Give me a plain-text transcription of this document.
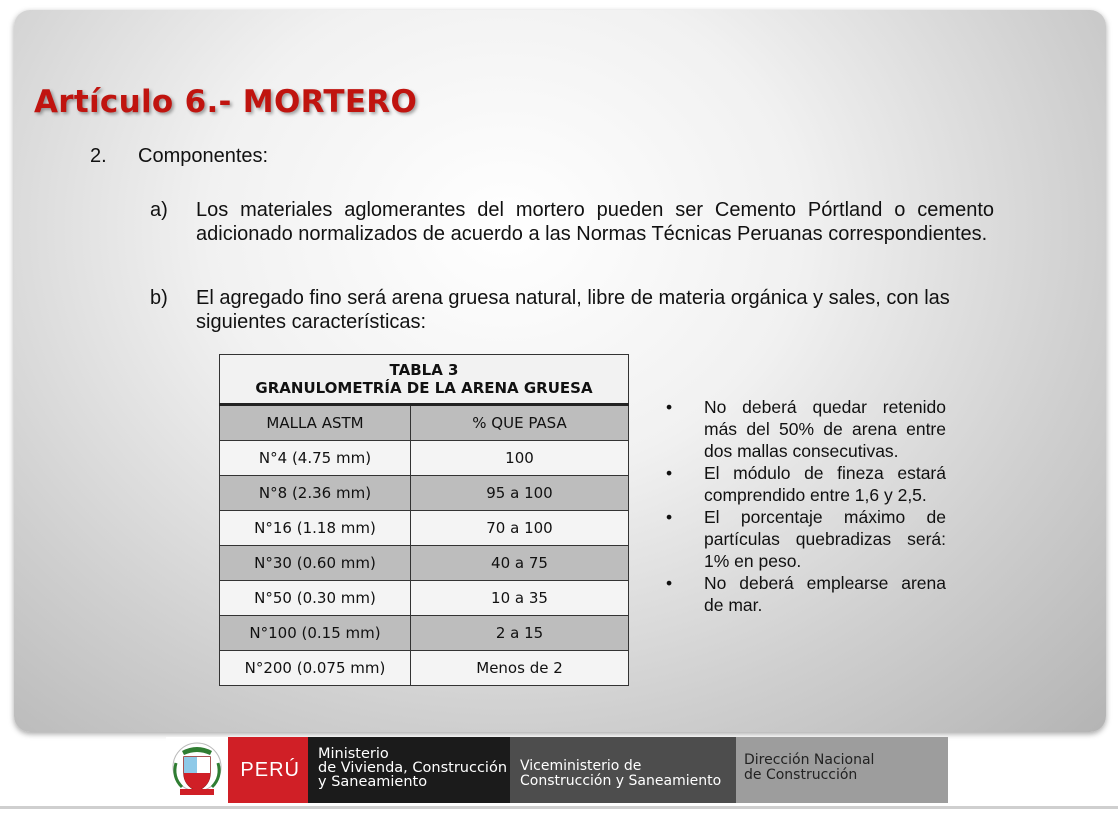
Artículo 6.- MORTERO
2. Componentes:
a) Los materiales aglomerantes del mortero pueden ser Cemento Pórtland o cemento adicionado normalizados de acuerdo a las Normas Técnicas Peruanas correspondientes.
b) El agregado fino será arena gruesa natural, libre de materia orgánica y sales, con las siguientes características:
TABLA 3
GRANULOMETRÍA DE LA ARENA GRUESA	
MALLA ASTM	% QUE PASA
N°4 (4.75 mm)	100
N°8 (2.36 mm)	95 a 100
N°16 (1.18 mm)	70 a 100
N°30 (0.60 mm)	40 a 75
N°50 (0.30 mm)	10 a 35
N°100 (0.15 mm)	2 a 15
N°200 (0.075 mm)	Menos de 2
• No deberá quedar retenido más del 50% de arena entre dos mallas consecutivas.
• El módulo de fineza estará comprendido entre 1,6 y 2,5.
• El porcentaje máximo de partículas quebradizas será: 1% en peso.
• No deberá emplearse arena de mar.
PERÚ
Ministerio
de Vivienda, Construcción
y Saneamiento
Viceministerio de
Construcción y Saneamiento
Dirección Nacional
de Construcción
